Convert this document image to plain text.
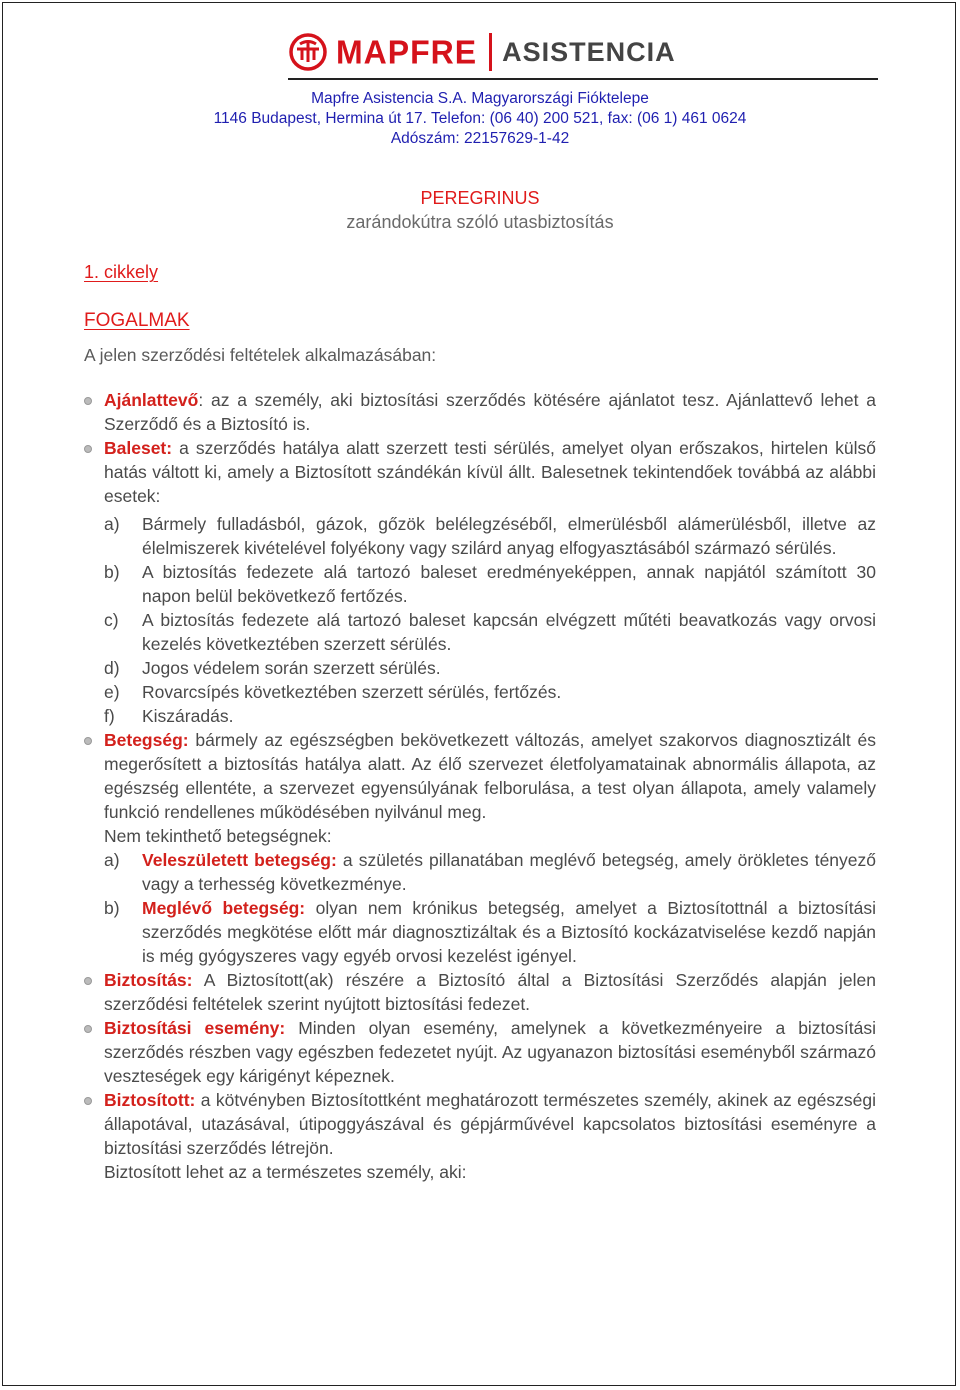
MAPFRE ASISTENCIA
Mapfre Asistencia S.A. Magyarországi Fióktelepe
1146 Budapest, Hermina út 17. Telefon: (06 40) 200 521, fax: (06 1) 461 0624
Adószám: 22157629-1-42
PEREGRINUS
zarándokútra szóló utasbiztosítás
1. cikkely
FOGALMAK
A jelen szerződési feltételek alkalmazásában:
Ajánlattevő: az a személy, aki biztosítási szerződés kötésére ajánlatot tesz. Ajánlattevő lehet a Szerződő és a Biztosító is.
Baleset: a szerződés hatálya alatt szerzett testi sérülés, amelyet olyan erőszakos, hirtelen külső hatás váltott ki, amely a Biztosított szándékán kívül állt. Balesetnek tekintendőek továbbá az alábbi esetek:
a) Bármely fulladásból, gázok, gőzök belélegzéséből, elmerülésből alámerülésből, illetve az élelmiszerek kivételével folyékony vagy szilárd anyag elfogyasztásából származó sérülés.
b) A biztosítás fedezete alá tartozó baleset eredményeképpen, annak napjától számított 30 napon belül bekövetkező fertőzés.
c) A biztosítás fedezete alá tartozó baleset kapcsán elvégzett műtéti beavatkozás vagy orvosi kezelés következtében szerzett sérülés.
d) Jogos védelem során szerzett sérülés.
e) Rovarcsípés következtében szerzett sérülés, fertőzés.
f) Kiszáradás.
Betegség: bármely az egészségben bekövetkezett változás, amelyet szakorvos diagnosztizált és megerősített a biztosítás hatálya alatt. Az élő szervezet életfolyamatainak abnormális állapota, az egészség ellentéte, a szervezet egyensúlyának felborulása, a test olyan állapota, amely valamely funkció rendellenes működésében nyilvánul meg.
Nem tekinthető betegségnek:
a) Veleszületett betegség: a születés pillanatában meglévő betegség, amely örökletes tényező vagy a terhesség következménye.
b) Meglévő betegség: olyan nem krónikus betegség, amelyet a Biztosítottnál a biztosítási szerződés megkötése előtt már diagnosztizáltak és a Biztosító kockázatviselése kezdő napján is még gyógyszeres vagy egyéb orvosi kezelést igényel.
Biztosítás: A Biztosított(ak) részére a Biztosító által a Biztosítási Szerződés alapján jelen szerződési feltételek szerint nyújtott biztosítási fedezet.
Biztosítási esemény: Minden olyan esemény, amelynek a következményeire a biztosítási szerződés részben vagy egészben fedezetet nyújt. Az ugyanazon biztosítási eseményből származó veszteségek egy kárigényt képeznek.
Biztosított: a kötvényben Biztosítottként meghatározott természetes személy, akinek az egészségi állapotával, utazásával, útipoggyászával és gépjárművével kapcsolatos biztosítási eseményre a biztosítási szerződés létrejön.
Biztosított lehet az a természetes személy, aki:
